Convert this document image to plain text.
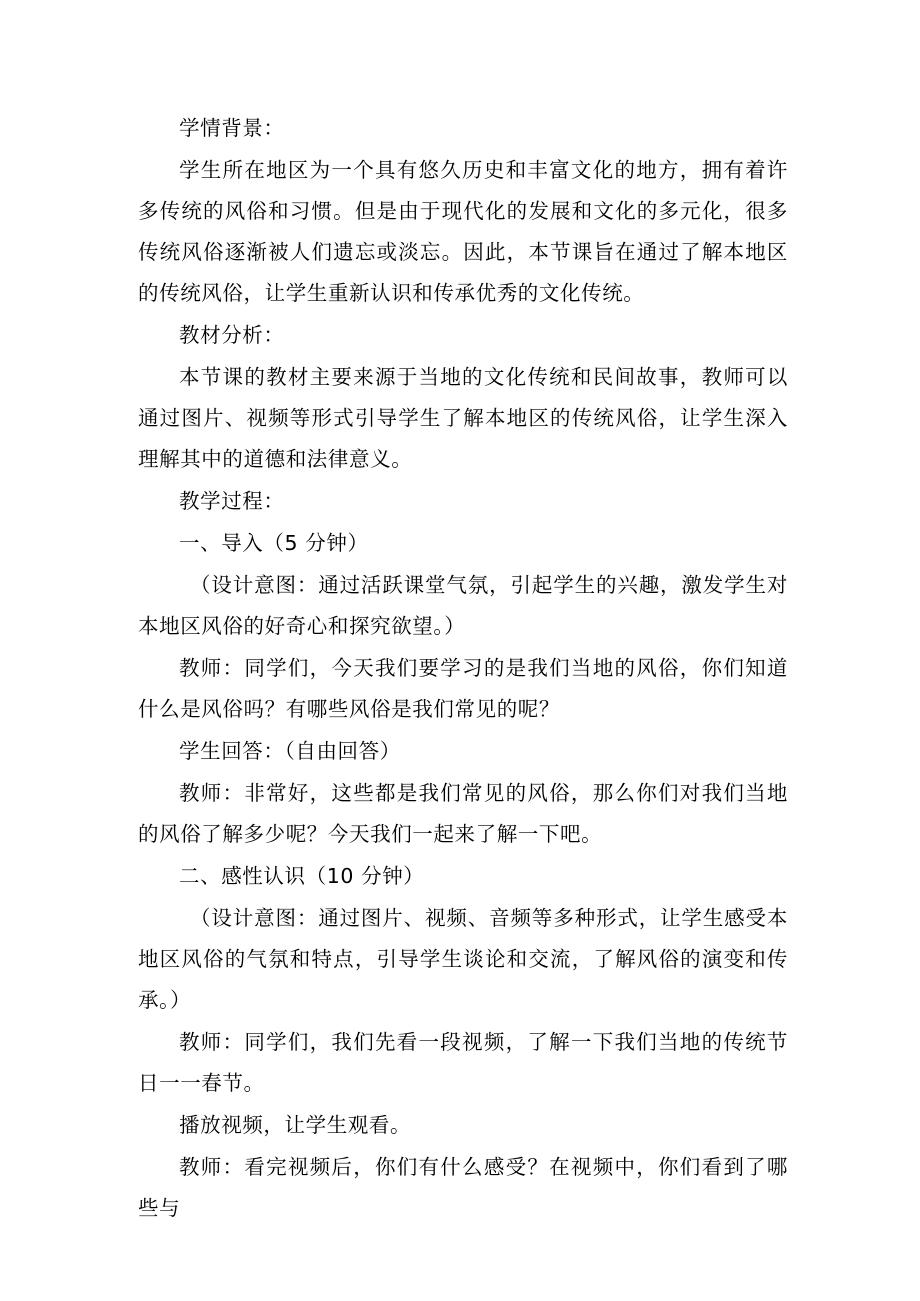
学情背景：

学生所在地区为一个具有悠久历史和丰富文化的地方，拥有着许多传统的风俗和习惯。但是由于现代化的发展和文化的多元化，很多传统风俗逐渐被人们遗忘或淡忘。因此，本节课旨在通过了解本地区的传统风俗，让学生重新认识和传承优秀的文化传统。

教材分析：

本节课的教材主要来源于当地的文化传统和民间故事，教师可以通过图片、视频等形式引导学生了解本地区的传统风俗，让学生深入理解其中的道德和法律意义。

教学过程：

一、导入（5 分钟）

（设计意图：通过活跃课堂气氛，引起学生的兴趣，激发学生对本地区风俗的好奇心和探究欲望。）

教师：同学们，今天我们要学习的是我们当地的风俗，你们知道什么是风俗吗？有哪些风俗是我们常见的呢？

学生回答：（自由回答）

教师：非常好，这些都是我们常见的风俗，那么你们对我们当地的风俗了解多少呢？今天我们一起来了解一下吧。

二、感性认识（10 分钟）

（设计意图：通过图片、视频、音频等多种形式，让学生感受本地区风俗的气氛和特点，引导学生谈论和交流，了解风俗的演变和传承。）

教师：同学们，我们先看一段视频，了解一下我们当地的传统节日一一春节。

播放视频，让学生观看。

教师：看完视频后，你们有什么感受？在视频中，你们看到了哪些与
